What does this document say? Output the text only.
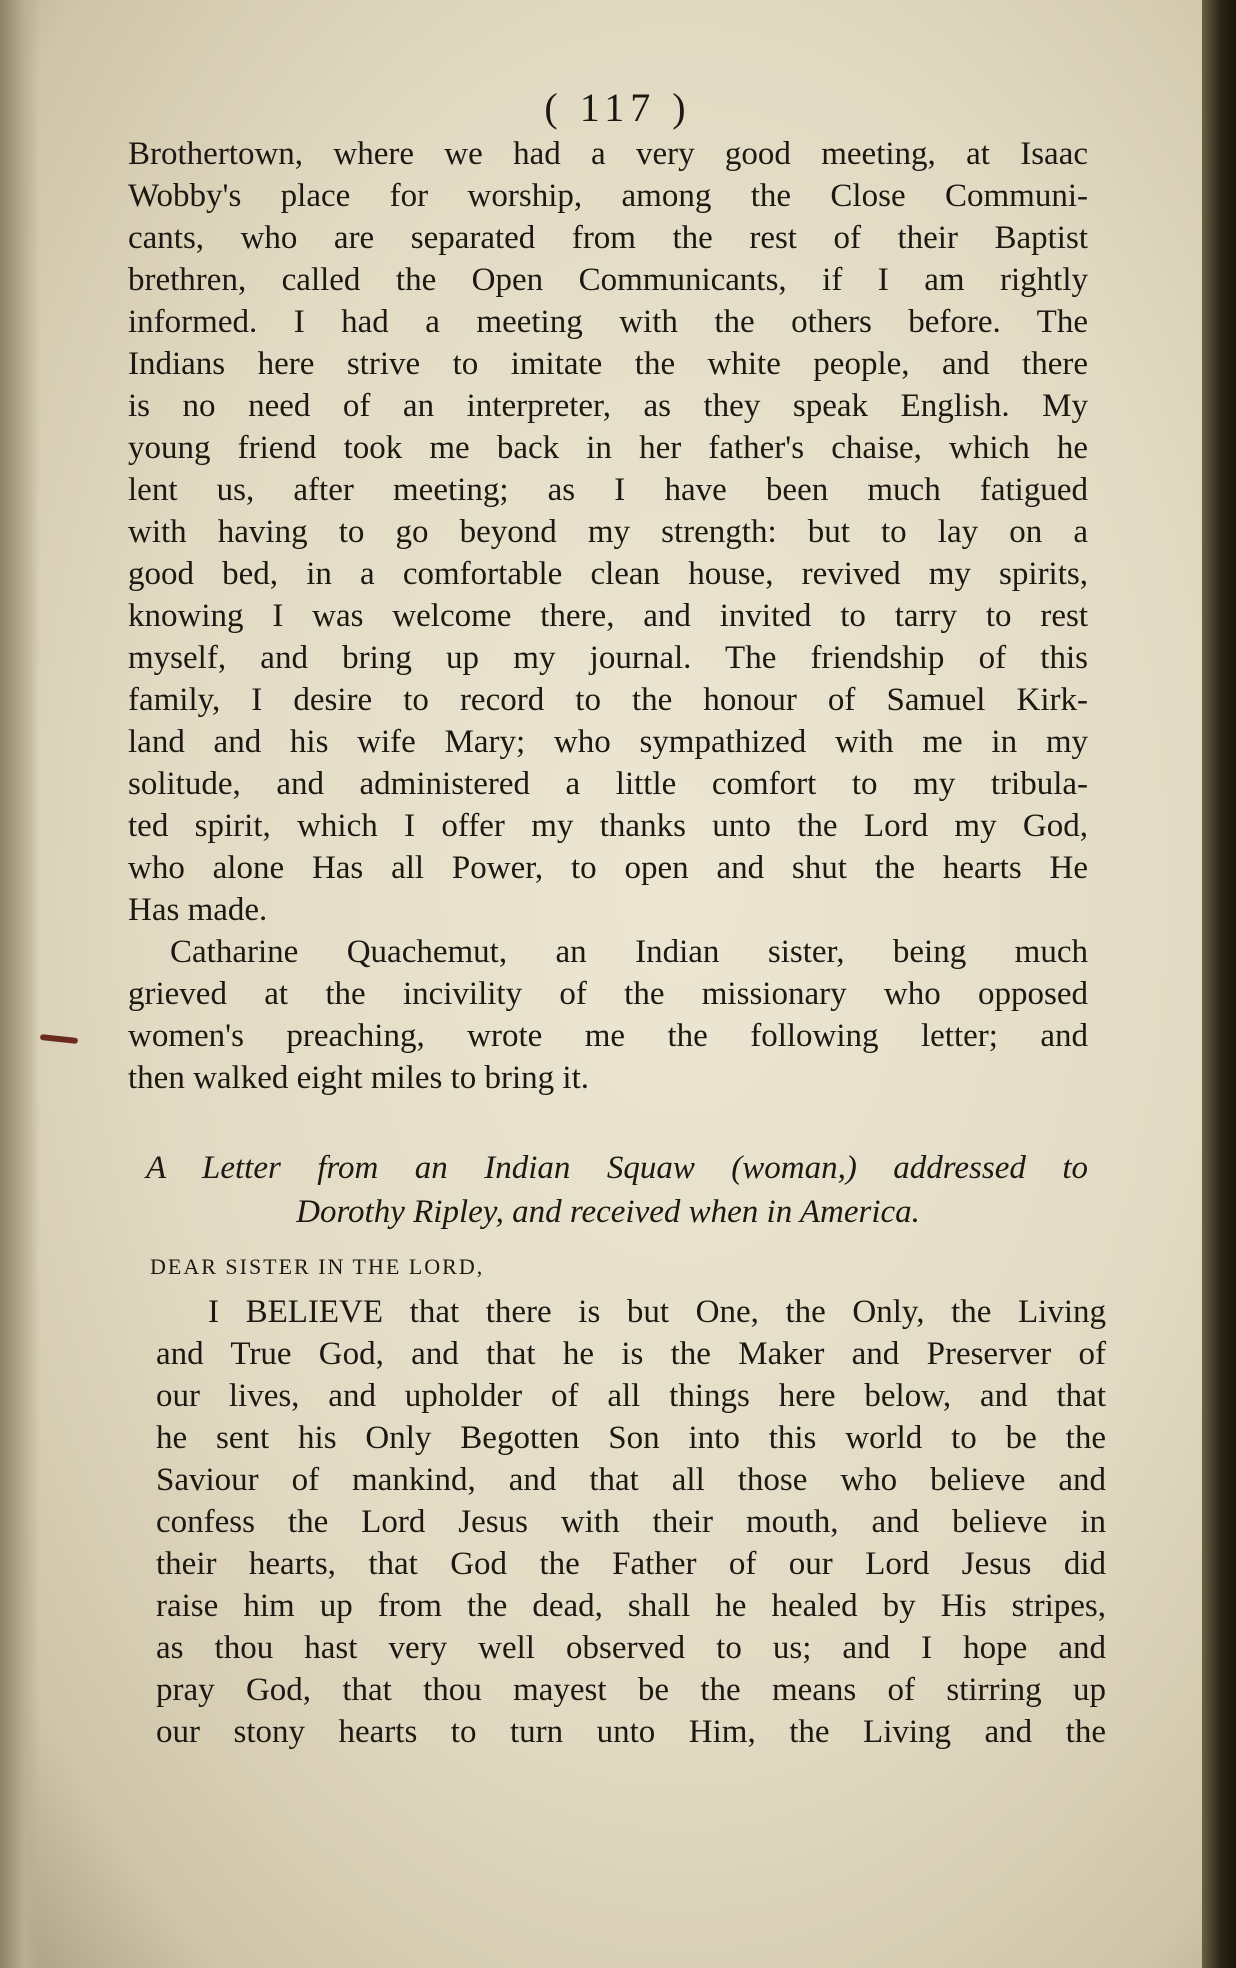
( 117 )
Brothertown, where we had a very good meeting, at Isaac
Wobby's place for worship, among the Close Communi-
cants, who are separated from the rest of their Baptist
brethren, called the Open Communicants, if I am rightly
informed. I had a meeting with the others before. The
Indians here strive to imitate the white people, and there
is no need of an interpreter, as they speak English. My
young friend took me back in her father's chaise, which he
lent us, after meeting; as I have been much fatigued
with having to go beyond my strength: but to lay on a
good bed, in a comfortable clean house, revived my spirits,
knowing I was welcome there, and invited to tarry to rest
myself, and bring up my journal. The friendship of this
family, I desire to record to the honour of Samuel Kirk-
land and his wife Mary; who sympathized with me in my
solitude, and administered a little comfort to my tribula-
ted spirit, which I offer my thanks unto the Lord my God,
who alone Has all Power, to open and shut the hearts He
Has made.
Catharine Quachemut, an Indian sister, being much
grieved at the incivility of the missionary who opposed
women's preaching, wrote me the following letter; and
then walked eight miles to bring it.
A Letter from an Indian Squaw (woman,) addressed to
Dorothy Ripley, and received when in America.
DEAR SISTER IN THE LORD,
I BELIEVE that there is but One, the Only, the Living
and True God, and that he is the Maker and Preserver of
our lives, and upholder of all things here below, and that
he sent his Only Begotten Son into this world to be the
Saviour of mankind, and that all those who believe and
confess the Lord Jesus with their mouth, and believe in
their hearts, that God the Father of our Lord Jesus did
raise him up from the dead, shall he healed by His stripes,
as thou hast very well observed to us; and I hope and
pray God, that thou mayest be the means of stirring up
our stony hearts to turn unto Him, the Living and the
